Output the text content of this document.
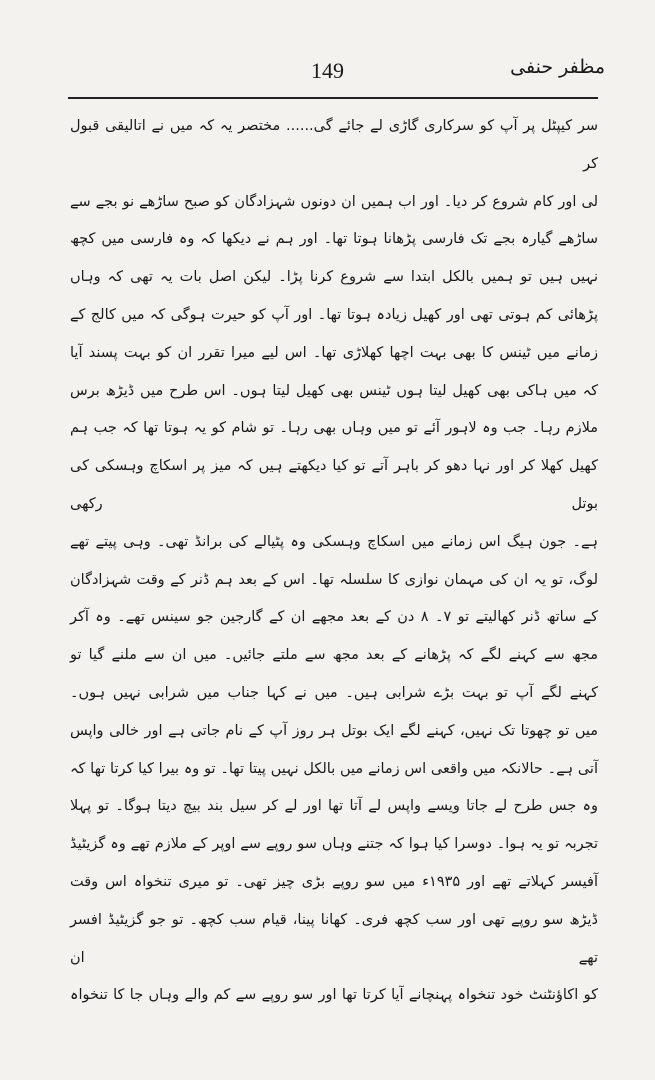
149	مظفر حنفی
سر کیپٹل پر آپ کو سرکاری گاڑی لے جائے گی...... مختصر یہ کہ میں نے اتالیقی قبول کر
لی اور کام شروع کر دیا۔ اور اب ہمیں ان دونوں شہزادگان کو صبح ساڑھے نو بجے سے
ساڑھے گیارہ بجے تک فارسی پڑھانا ہوتا تھا۔ اور ہم نے دیکھا کہ وہ فارسی میں کچھ
نہیں ہیں تو ہمیں بالکل ابتدا سے شروع کرنا پڑا۔ لیکن اصل بات یہ تھی کہ وہاں
پڑھائی کم ہوتی تھی اور کھیل زیادہ ہوتا تھا۔ اور آپ کو حیرت ہوگی کہ میں کالج کے
زمانے میں ٹینس کا بھی بہت اچھا کھلاڑی تھا۔ اس لیے میرا تقرر ان کو بہت پسند آیا
کہ میں ہاکی بھی کھیل لیتا ہوں ٹینس بھی کھیل لیتا ہوں۔ اس طرح میں ڈیڑھ برس
ملازم رہا۔ جب وہ لاہور آئے تو میں وہاں بھی رہا۔ تو شام کو یہ ہوتا تھا کہ جب ہم
کھیل کھلا کر اور نہا دھو کر باہر آتے تو کیا دیکھتے ہیں کہ میز پر اسکاچ وہسکی کی بوتل رکھی
ہے۔ جون ہیگ اس زمانے میں اسکاچ وہسکی وہ پٹیالے کی برانڈ تھی۔ وہی پیتے تھے
لوگ، تو یہ ان کی مہمان نوازی کا سلسلہ تھا۔ اس کے بعد ہم ڈنر کے وقت شہزادگان
کے ساتھ ڈنر کھالیتے تو ۷۔ ۸ دن کے بعد مجھے ان کے گارجین جو سینس تھے۔ وہ آکر
مجھ سے کہنے لگے کہ پڑھانے کے بعد مجھ سے ملتے جائیں۔ میں ان سے ملنے گیا تو
کہنے لگے آپ تو بہت بڑے شرابی ہیں۔ میں نے کہا جناب میں شرابی نہیں ہوں۔
میں تو چھوتا تک نہیں، کہنے لگے ایک بوتل ہر روز آپ کے نام جاتی ہے اور خالی واپس
آتی ہے۔ حالانکہ میں واقعی اس زمانے میں بالکل نہیں پیتا تھا۔ تو وہ بیرا کیا کرتا تھا کہ
وہ جس طرح لے جاتا ویسے واپس لے آتا تھا اور لے کر سیل بند بیچ دیتا ہوگا۔ تو پہلا
تجربہ تو یہ ہوا۔ دوسرا کیا ہوا کہ جتنے وہاں سو روپے سے اوپر کے ملازم تھے وہ گزیٹیڈ
آفیسر کہلاتے تھے اور ۱۹۳۵ء میں سو روپے بڑی چیز تھی۔ تو میری تنخواہ اس وقت
ڈیڑھ سو روپے تھی اور سب کچھ فری۔ کھانا پینا، قیام سب کچھ۔ تو جو گزیٹیڈ افسر تھے ان
کو اکاؤنٹنٹ خود تنخواہ پہنچانے آیا کرتا تھا اور سو روپے سے کم والے وہاں جا کا تنخواہ
